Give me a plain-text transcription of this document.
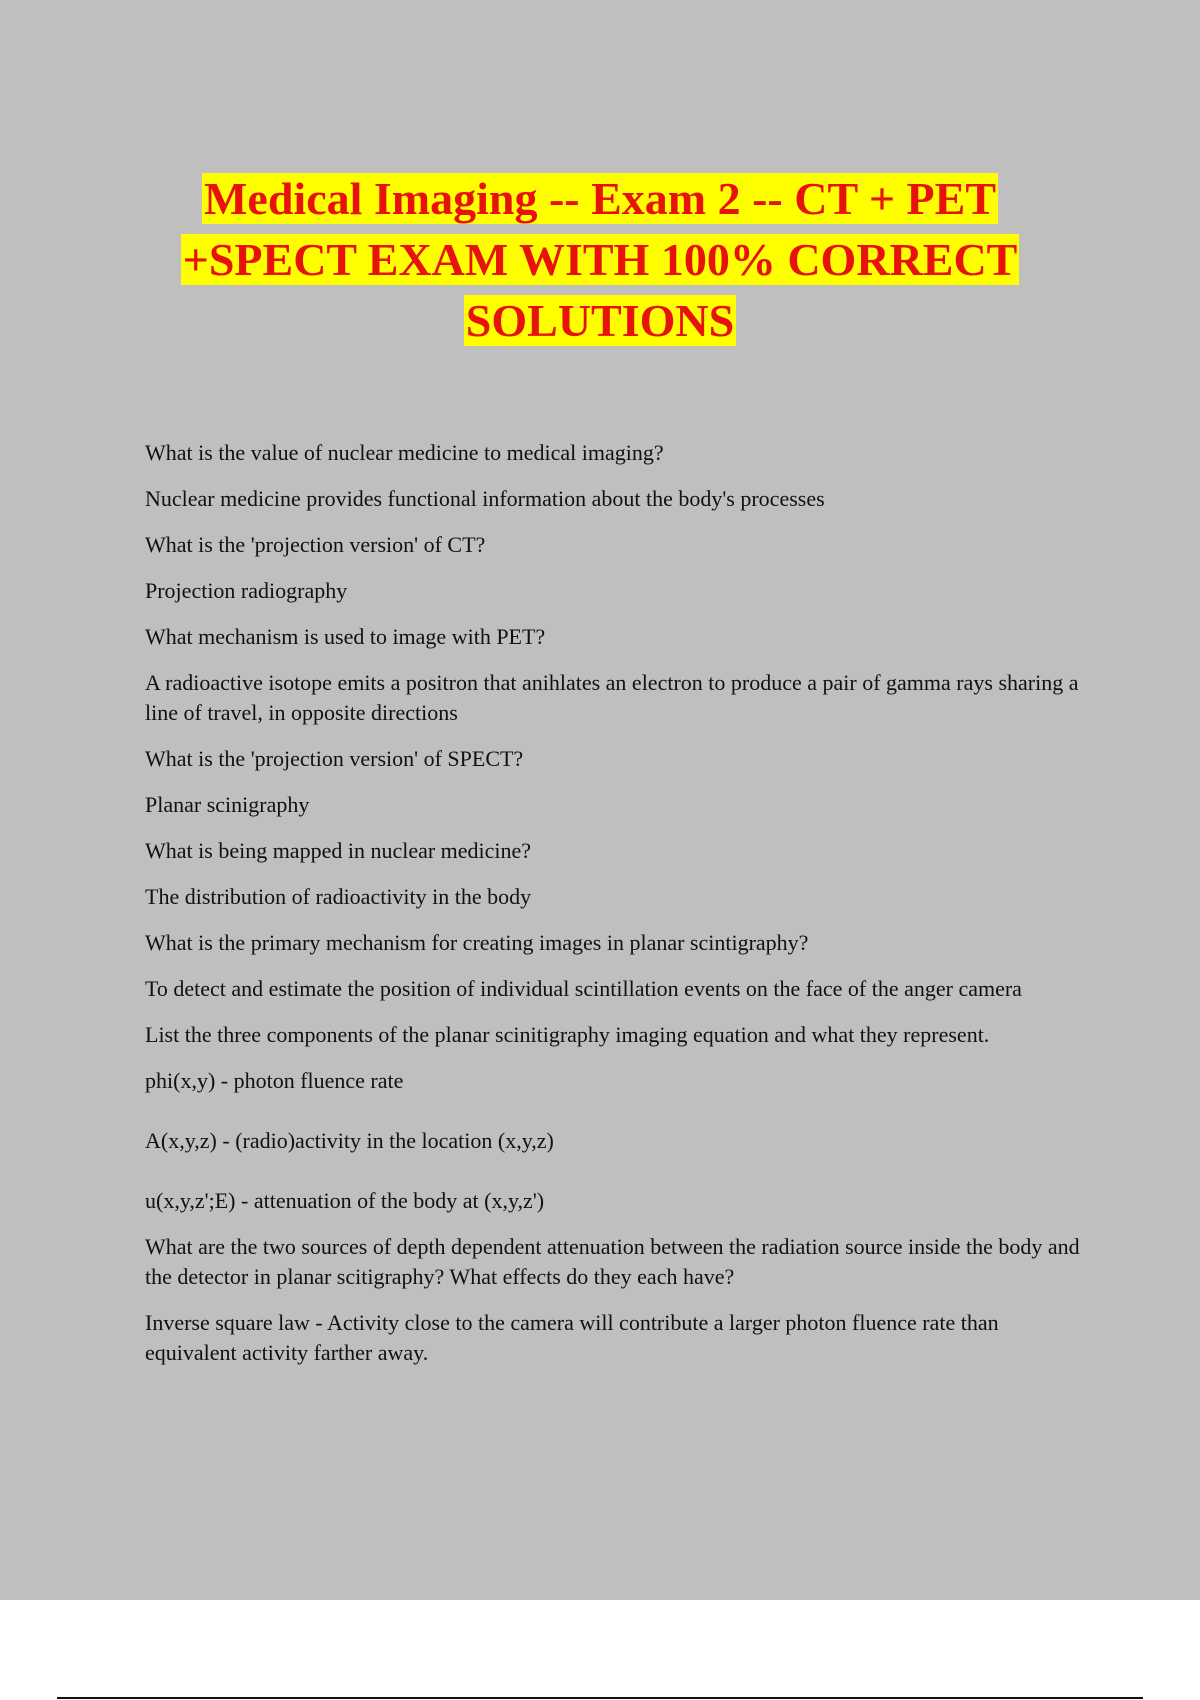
Medical Imaging -- Exam 2 -- CT + PET
+SPECT EXAM WITH 100% CORRECT
SOLUTIONS

What is the value of nuclear medicine to medical imaging?

Nuclear medicine provides functional information about the body's processes

What is the 'projection version' of CT?

Projection radiography

What mechanism is used to image with PET?

A radioactive isotope emits a positron that anihlates an electron to produce a pair of gamma rays sharing a line of travel, in opposite directions

What is the 'projection version' of SPECT?

Planar scinigraphy

What is being mapped in nuclear medicine?

The distribution of radioactivity in the body

What is the primary mechanism for creating images in planar scintigraphy?

To detect and estimate the position of individual scintillation events on the face of the anger camera

List the three components of the planar scinitigraphy imaging equation and what they represent.

phi(x,y) - photon fluence rate

A(x,y,z) - (radio)activity in the location (x,y,z)

u(x,y,z';E) - attenuation of the body at (x,y,z')

What are the two sources of depth dependent attenuation between the radiation source inside the body and the detector in planar scitigraphy? What effects do they each have?

Inverse square law - Activity close to the camera will contribute a larger photon fluence rate than equivalent activity farther away.
